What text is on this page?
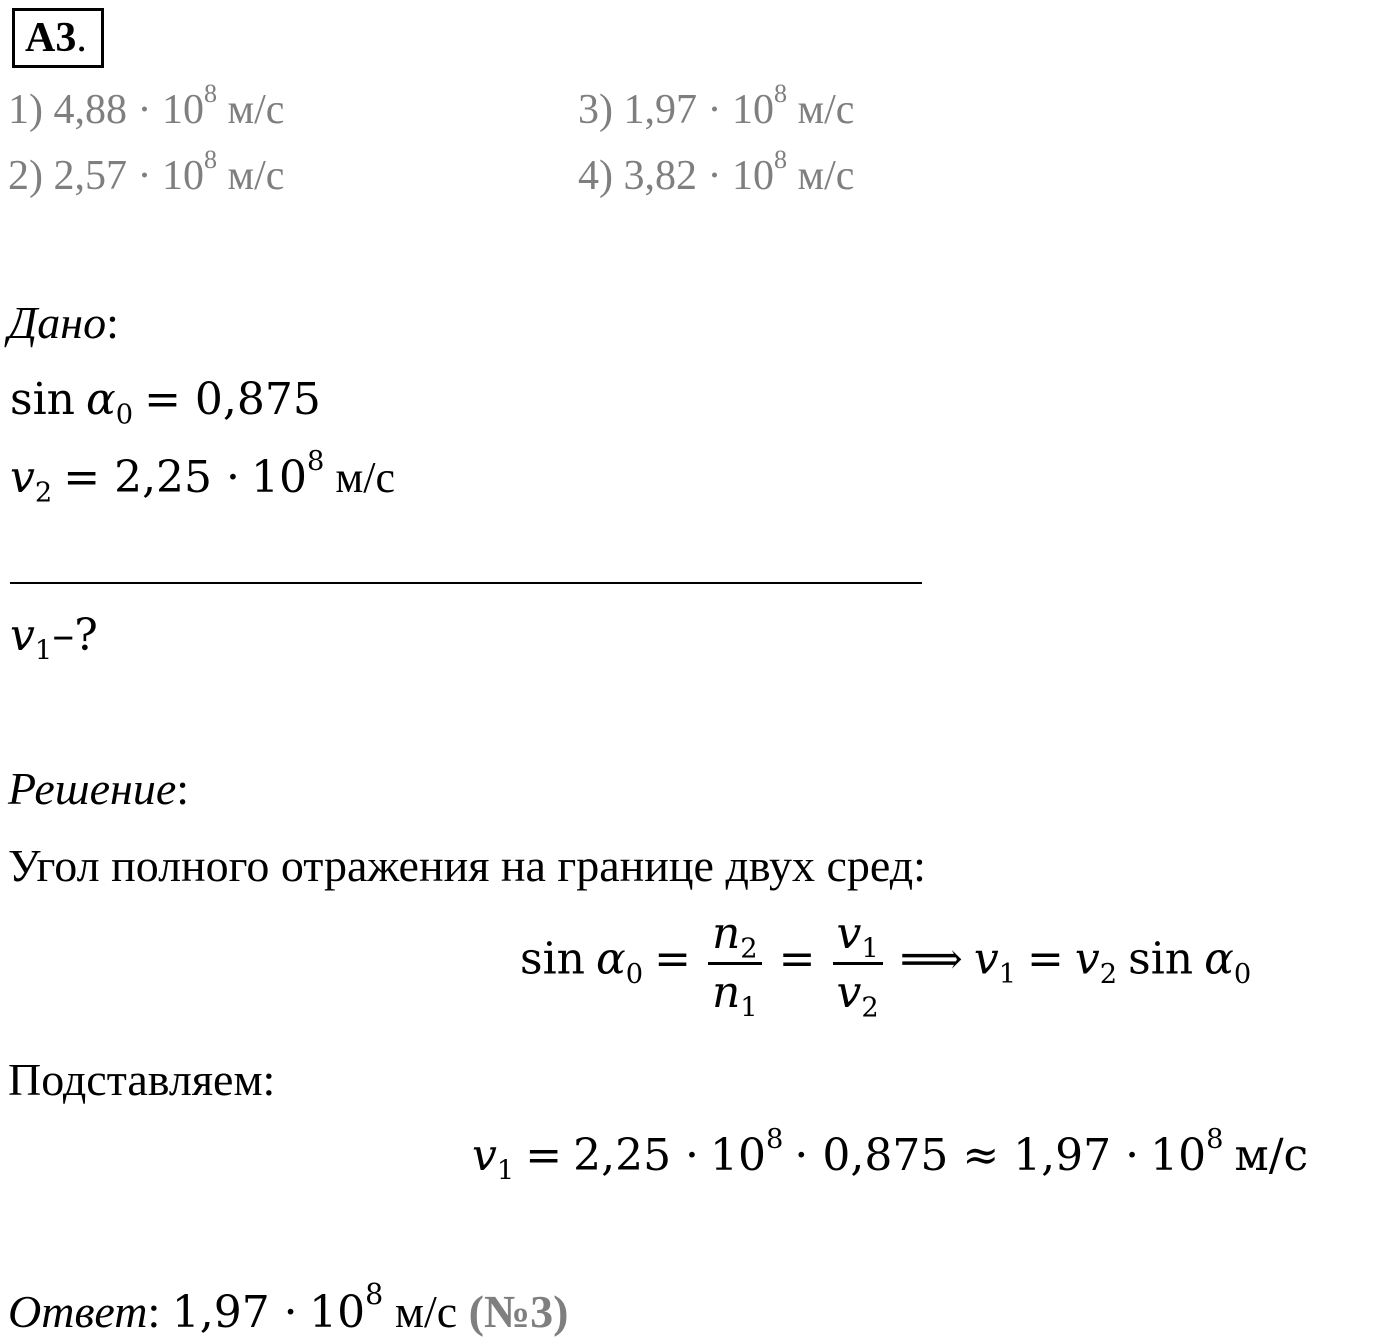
А3.
1) $4,88 \cdot 10^8$ м/с
2) $2,57 \cdot 10^8$ м/с
3) $1,97 \cdot 10^8$ м/с
4) $3,82 \cdot 10^8$ м/с
Дано:
$\sin \alpha_0 = 0,875$
$v_2 = 2,25 \cdot 10^8$ м/с
$v_1-$?
Решение:
Угол полного отражения на границе двух сред:
$\sin \alpha_0 = \frac{n_2}{n_1} = \frac{v_1}{v_2}$ ⟹ $v_1 = v_2$ $\sin \alpha_0$
Подставляем:
$v_1 = 2,25 \cdot 10^8 \cdot 0,875 \approx 1,97 \cdot 10^8$ м/с
Ответ: $1,97 \cdot 10^8$ м/с (№3)
